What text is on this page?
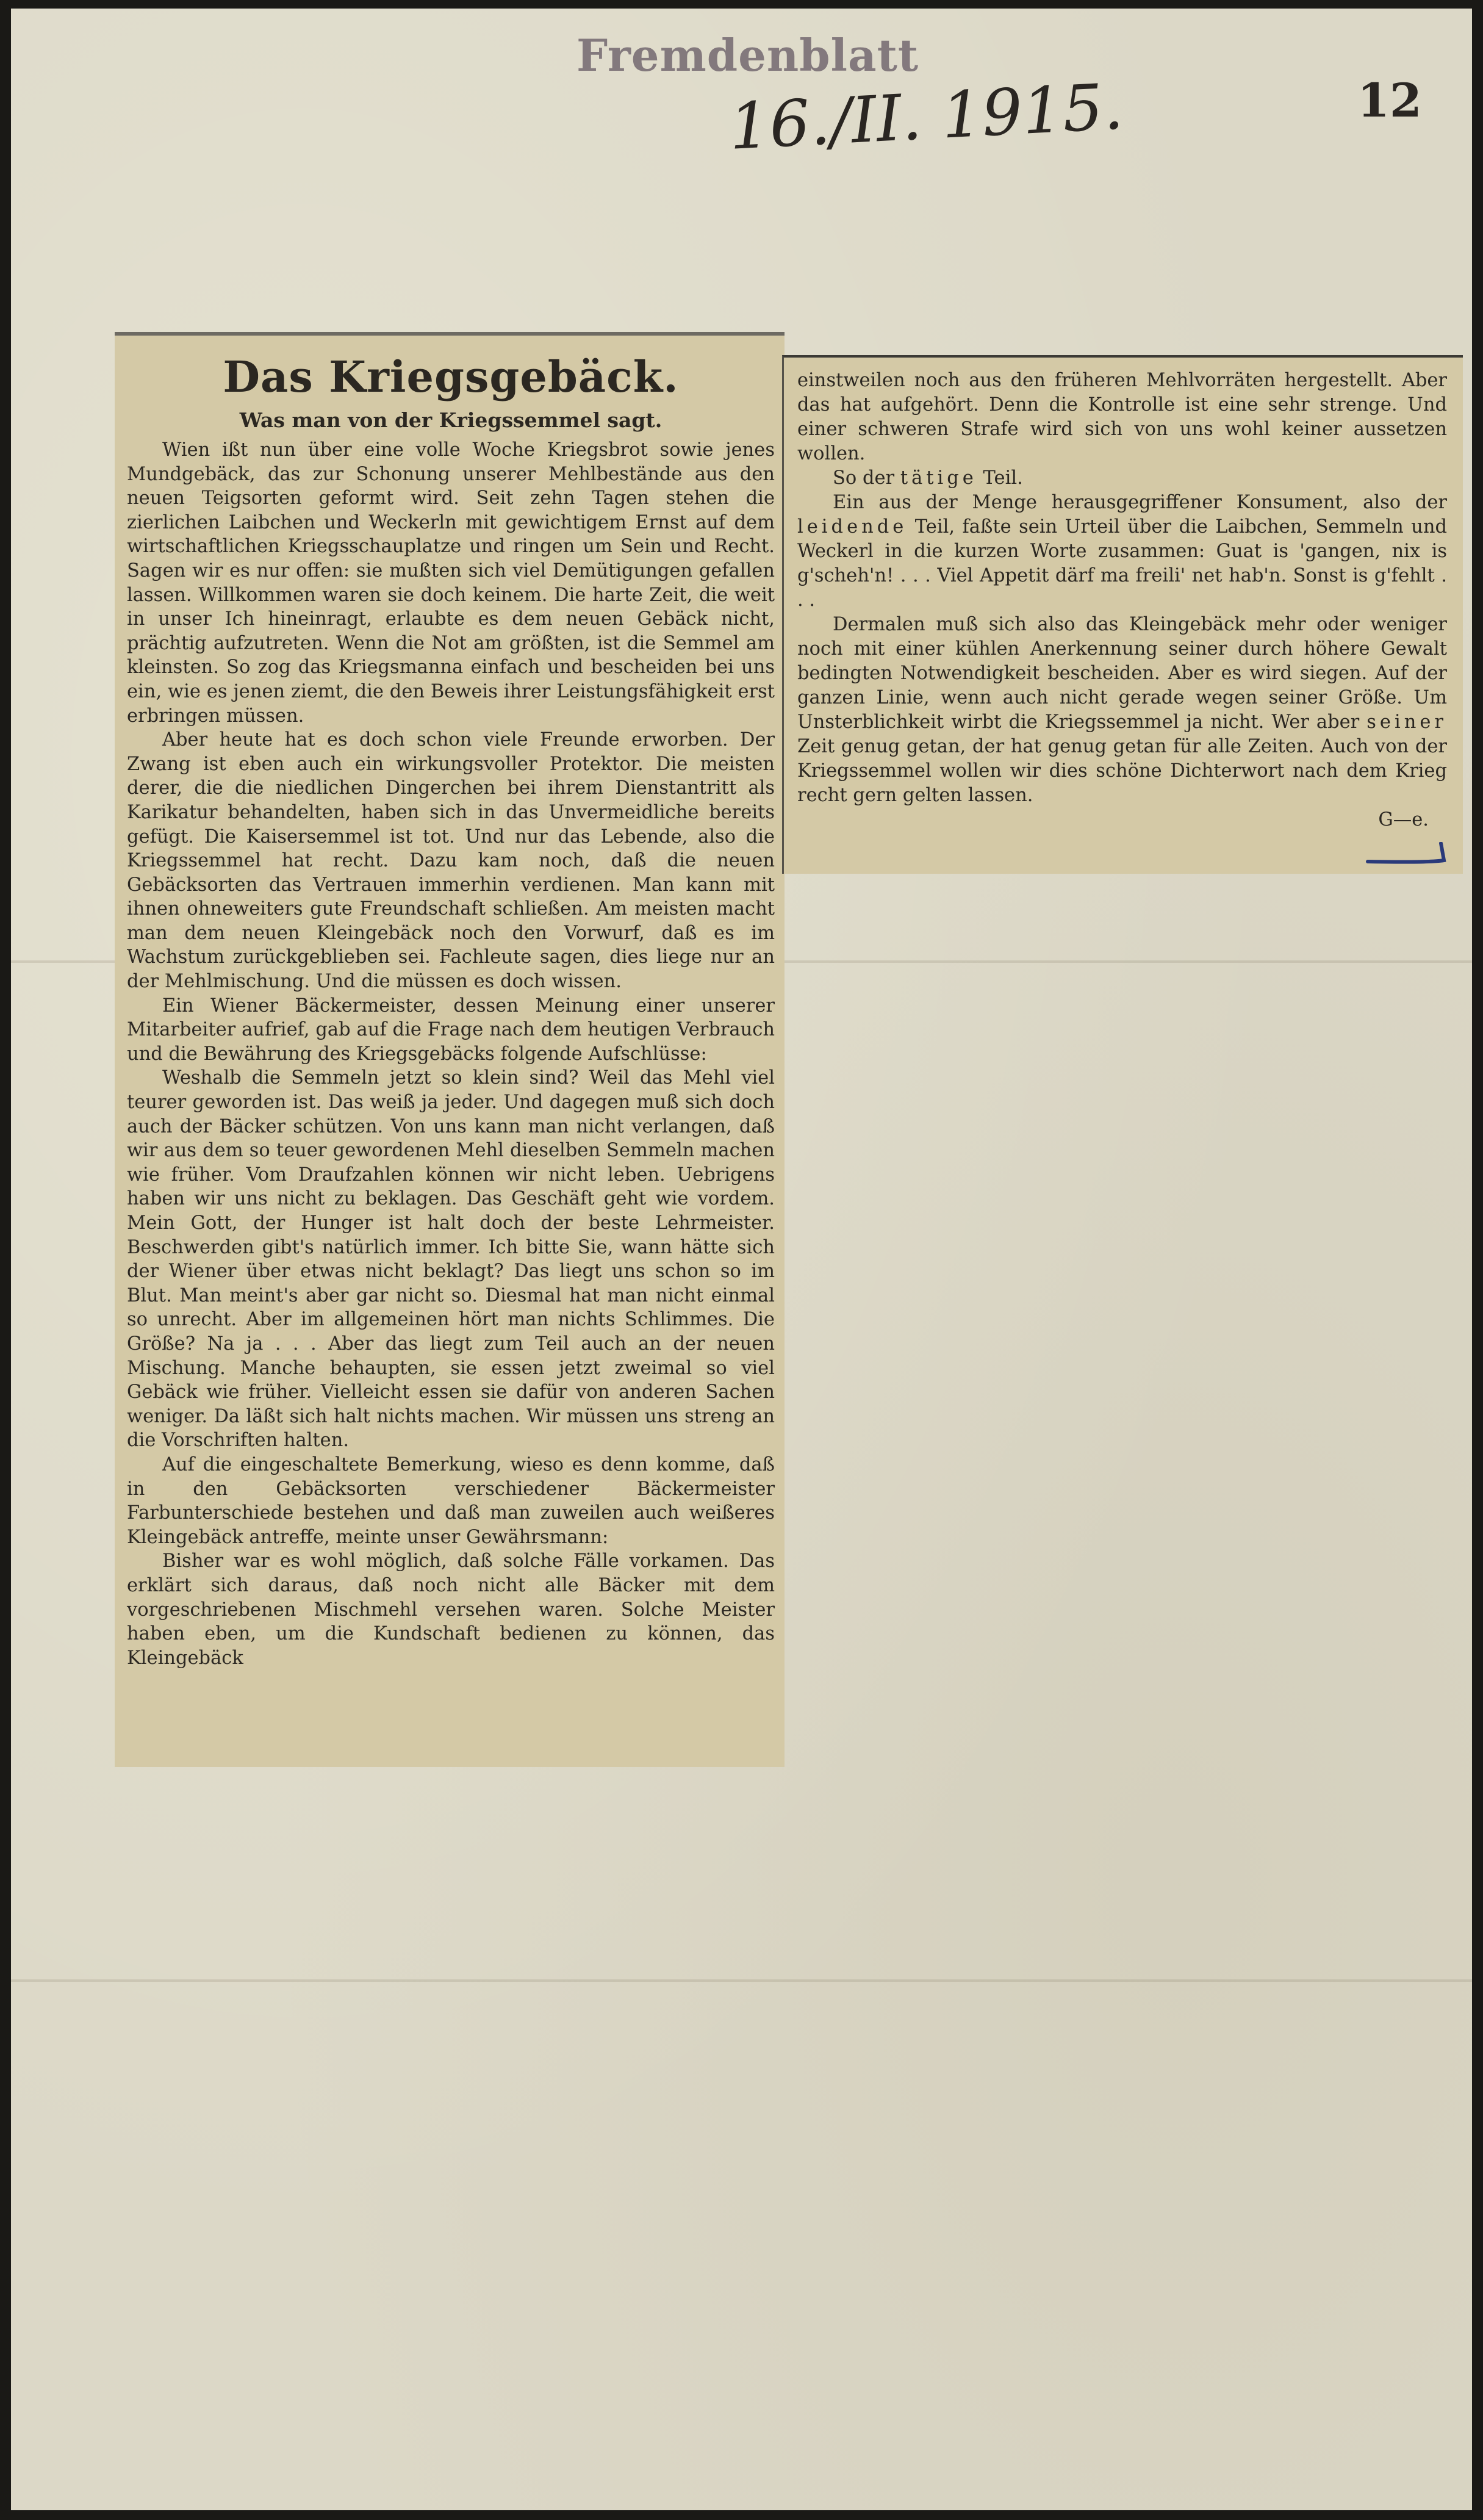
Fremdenblatt
16./II. 1915.	12
Das Kriegsgebäck.
Was man von der Kriegssemmel sagt.

Wien ißt nun über eine volle Woche Kriegsbrot sowie jenes Mundgebäck, das zur Schonung unserer Mehlbestände aus den neuen Teigsorten geformt wird. Seit zehn Tagen stehen die zierlichen Laibchen und Weckerln mit gewichtigem Ernst auf dem wirtschaftlichen Kriegsschauplatze und ringen um Sein und Recht. Sagen wir es nur offen: sie mußten sich viel Demütigungen gefallen lassen. Willkommen waren sie doch keinem. Die harte Zeit, die weit in unser Ich hineinragt, erlaubte es dem neuen Gebäck nicht, prächtig aufzutreten. Wenn die Not am größten, ist die Semmel am kleinsten. So zog das Kriegsmanna einfach und bescheiden bei uns ein, wie es jenen ziemt, die den Beweis ihrer Leistungsfähigkeit erst erbringen müssen.

Aber heute hat es doch schon viele Freunde erworben. Der Zwang ist eben auch ein wirkungsvoller Protektor. Die meisten derer, die die niedlichen Dingerchen bei ihrem Dienstantritt als Karikatur behandelten, haben sich in das Unvermeidliche bereits gefügt. Die Kaisersemmel ist tot. Und nur das Lebende, also die Kriegssemmel hat recht. Dazu kam noch, daß die neuen Gebäcksorten das Vertrauen immerhin verdienen. Man kann mit ihnen ohneweiters gute Freundschaft schließen. Am meisten macht man dem neuen Kleingebäck noch den Vorwurf, daß es im Wachstum zurückgeblieben sei. Fachleute sagen, dies liege nur an der Mehlmischung. Und die müssen es doch wissen.

Ein Wiener Bäckermeister, dessen Meinung einer unserer Mitarbeiter aufrief, gab auf die Frage nach dem heutigen Verbrauch und die Bewährung des Kriegsgebäcks folgende Aufschlüsse:

Weshalb die Semmeln jetzt so klein sind? Weil das Mehl viel teurer geworden ist. Das weiß ja jeder. Und dagegen muß sich doch auch der Bäcker schützen. Von uns kann man nicht verlangen, daß wir aus dem so teuer gewordenen Mehl dieselben Semmeln machen wie früher. Vom Draufzahlen können wir nicht leben. Uebrigens haben wir uns nicht zu beklagen. Das Geschäft geht wie vordem. Mein Gott, der Hunger ist halt doch der beste Lehrmeister. Beschwerden gibt's natürlich immer. Ich bitte Sie, wann hätte sich der Wiener über etwas nicht beklagt? Das liegt uns schon so im Blut. Man meint's aber gar nicht so. Diesmal hat man nicht einmal so unrecht. Aber im allgemeinen hört man nichts Schlimmes. Die Größe? Na ja . . . Aber das liegt zum Teil auch an der neuen Mischung. Manche behaupten, sie essen jetzt zweimal so viel Gebäck wie früher. Vielleicht essen sie dafür von anderen Sachen weniger. Da läßt sich halt nichts machen. Wir müssen uns streng an die Vorschriften halten.

Auf die eingeschaltete Bemerkung, wieso es denn komme, daß in den Gebäcksorten verschiedener Bäckermeister Farbunterschiede bestehen und daß man zuweilen auch weißeres Kleingebäck antreffe, meinte unser Gewährsmann:

Bisher war es wohl möglich, daß solche Fälle vorkamen. Das erklärt sich daraus, daß noch nicht alle Bäcker mit dem vorgeschriebenen Mischmehl versehen waren. Solche Meister haben eben, um die Kundschaft bedienen zu können, das Kleingebäck

einstweilen noch aus den früheren Mehlvorräten hergestellt. Aber das hat aufgehört. Denn die Kontrolle ist eine sehr strenge. Und einer schweren Strafe wird sich von uns wohl keiner aussetzen wollen.

So der tätige Teil.

Ein aus der Menge herausgegriffener Konsument, also der leidende Teil, faßte sein Urteil über die Laibchen, Semmeln und Weckerl in die kurzen Worte zusammen: Guat is 'gangen, nix is g'scheh'n! . . . Viel Appetit därf ma freili' net hab'n. Sonst is g'fehlt . . .

Dermalen muß sich also das Kleingebäck mehr oder weniger noch mit einer kühlen Anerkennung seiner durch höhere Gewalt bedingten Notwendigkeit bescheiden. Aber es wird siegen. Auf der ganzen Linie, wenn auch nicht gerade wegen seiner Größe. Um Unsterblichkeit wirbt die Kriegssemmel ja nicht. Wer aber seiner Zeit genug getan, der hat genug getan für alle Zeiten. Auch von der Kriegssemmel wollen wir dies schöne Dichterwort nach dem Krieg recht gern gelten lassen.

G—e.
